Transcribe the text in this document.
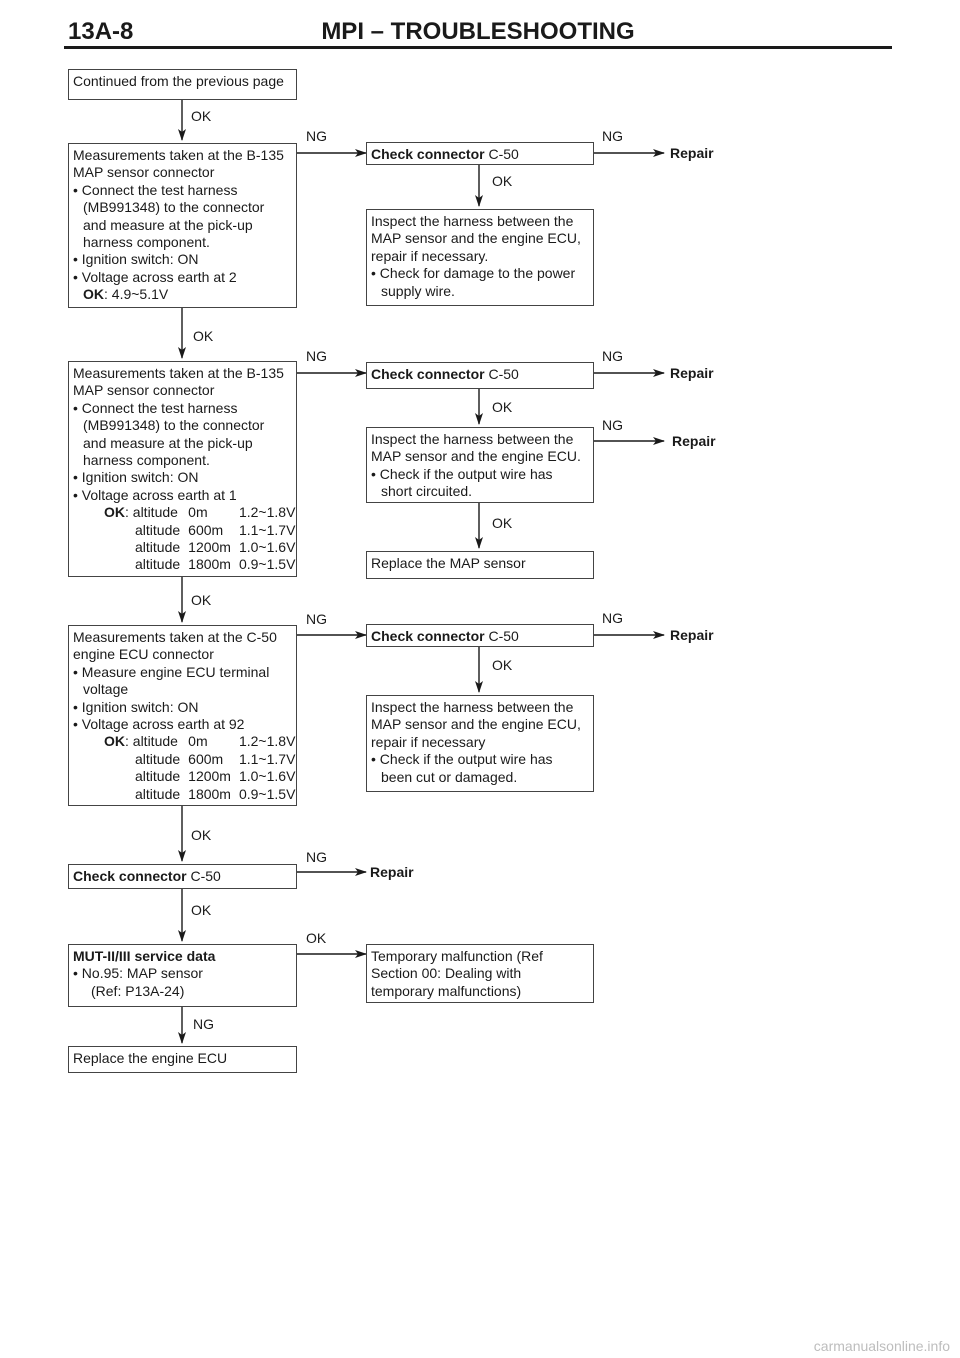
13A-8	MPI – TROUBLESHOOTING
Continued from the previous page
Measurements taken at the B-135
MAP sensor connector
• Connect the test harness
(MB991348) to the connector
and measure at the pick-up
harness component.
• Ignition switch: ON
• Voltage across earth at 2
OK: 4.9~5.1V
Check connector C-50
Inspect the harness between the
MAP sensor and the engine ECU,
repair if necessary.
• Check for damage to the power
supply wire.
Measurements taken at the B-135
MAP sensor connector
• Connect the test harness
(MB991348) to the connector
and measure at the pick-up
harness component.
• Ignition switch: ON
• Voltage across earth at 1
OK: altitude	0m	1.2~1.8V
altitude	600m	1.1~1.7V
altitude	1200m	1.0~1.6V
altitude	1800m	0.9~1.5V
Check connector C-50
Inspect the harness between the
MAP sensor and the engine ECU.
• Check if the output wire has
short circuited.
Replace the MAP sensor
Measurements taken at the C-50
engine ECU connector
• Measure engine ECU terminal
voltage
• Ignition switch: ON
• Voltage across earth at 92
OK: altitude	0m	1.2~1.8V
altitude	600m	1.1~1.7V
altitude	1200m	1.0~1.6V
altitude	1800m	0.9~1.5V
Check connector C-50
Inspect the harness between the
MAP sensor and the engine ECU,
repair if necessary
• Check if the output wire has
been cut or damaged.
Check connector C-50
MUT-II/III service data
• No.95: MAP sensor
(Ref: P13A-24)
Temporary malfunction (Ref
Section 00: Dealing with
temporary malfunctions)
Replace the engine ECU
OK
OK
OK
OK
OK
OK
OK
OK
OK
OK
NG	NG
NG	NG
NG
NG	NG
NG
NG
Repair
Repair
Repair
Repair
Repair
carmanualsonline.info
